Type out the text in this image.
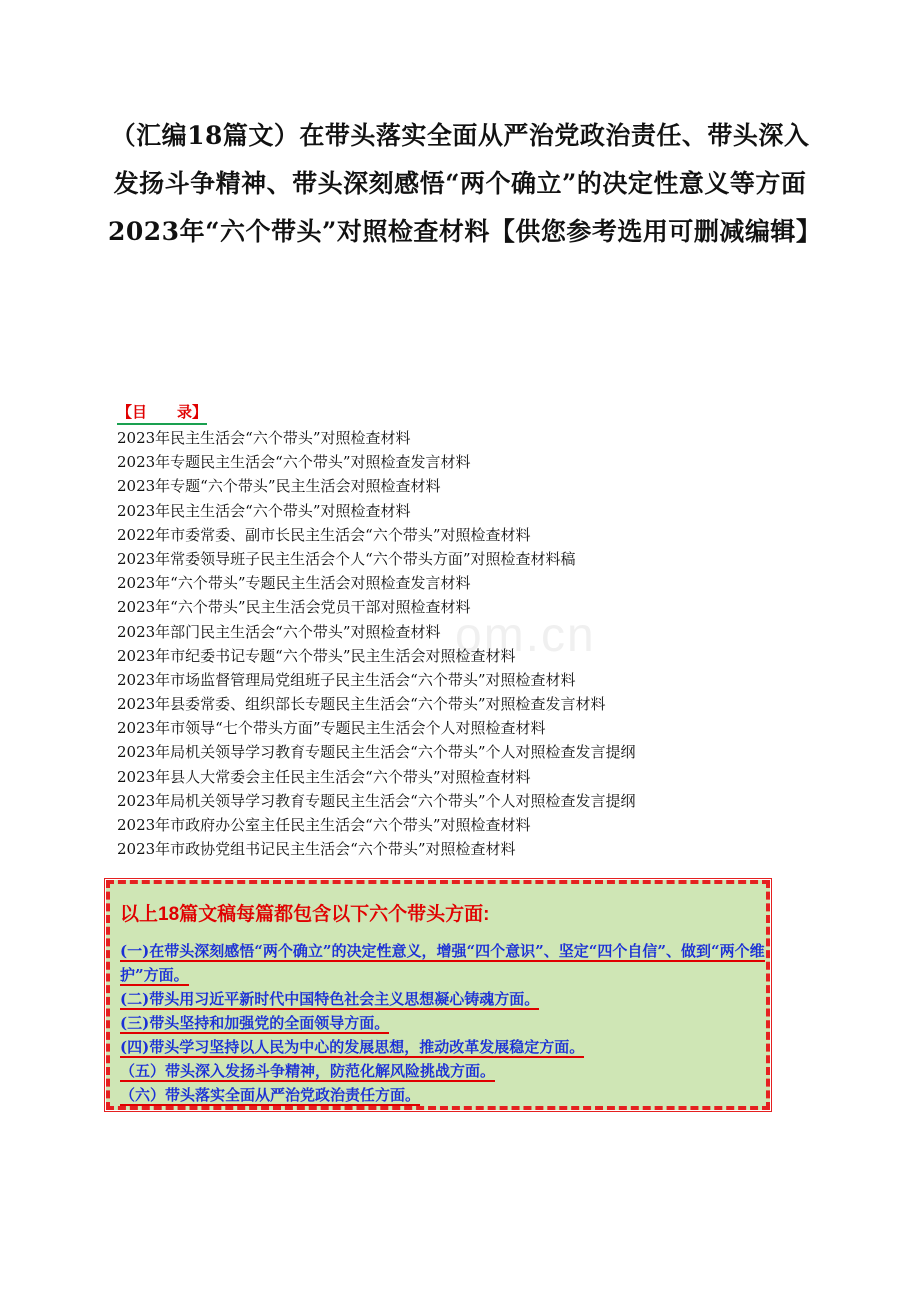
om.cn
（汇编18篇文）在带头落实全面从严治党政治责任、带头深入发扬斗争精神、带头深刻感悟“两个确立”的决定性意义等方面2023年“六个带头”对照检查材料【供您参考选用可删减编辑】
【目　　录】
2023年民主生活会“六个带头”对照检查材料
2023年专题民主生活会“六个带头”对照检查发言材料
2023年专题“六个带头”民主生活会对照检查材料
2023年民主生活会“六个带头”对照检查材料
2022年市委常委、副市长民主生活会“六个带头”对照检查材料
2023年常委领导班子民主生活会个人“六个带头方面”对照检查材料稿
2023年“六个带头”专题民主生活会对照检查发言材料
2023年“六个带头”民主生活会党员干部对照检查材料
2023年部门民主生活会“六个带头”对照检查材料
2023年市纪委书记专题“六个带头”民主生活会对照检查材料
2023年市场监督管理局党组班子民主生活会“六个带头”对照检查材料
2023年县委常委、组织部长专题民主生活会“六个带头”对照检查发言材料
2023年市领导“七个带头方面”专题民主生活会个人对照检查材料
2023年局机关领导学习教育专题民主生活会“六个带头”个人对照检查发言提纲
2023年县人大常委会主任民主生活会“六个带头”对照检查材料
2023年局机关领导学习教育专题民主生活会“六个带头”个人对照检查发言提纲
2023年市政府办公室主任民主生活会“六个带头”对照检查材料
2023年市政协党组书记民主生活会“六个带头”对照检查材料
以上18篇文稿每篇都包含以下六个带头方面:
(一)在带头深刻感悟“两个确立”的决定性意义，增强“四个意识”、坚定“四个自信”、做到“两个维护”方面。
(二)带头用习近平新时代中国特色社会主义思想凝心铸魂方面。
(三)带头坚持和加强党的全面领导方面。
(四)带头学习坚持以人民为中心的发展思想，推动改革发展稳定方面。
（五）带头深入发扬斗争精神，防范化解风险挑战方面。
（六）带头落实全面从严治党政治责任方面。
